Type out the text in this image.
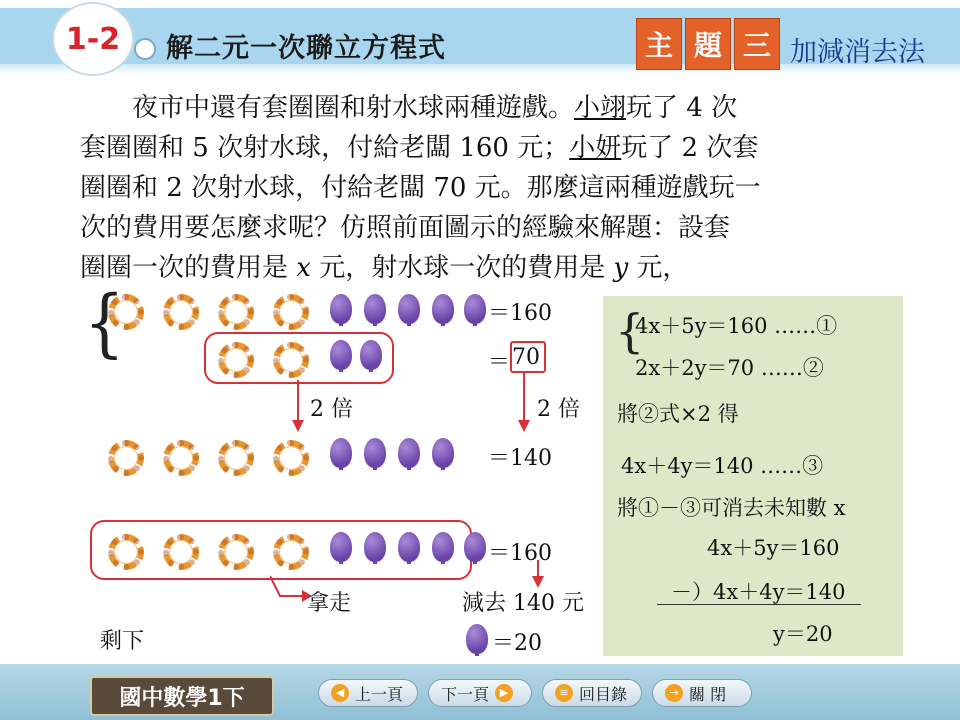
1-2	解二元一次聯立方程式	主 題 三 加減消去法

　　夜市中還有套圈圈和射水球兩種遊戲。小翊玩了 4 次

套圈圈和 5 次射水球，付給老闆 160 元；小妍玩了 2 次套

圈圈和 2 次射水球，付給老闆 70 元。那麼這兩種遊戲玩一

次的費用要怎麼求呢？仿照前面圖示的經驗來解題：設套

圈圈一次的費用是 x 元，射水球一次的費用是 y 元，

{	＝160
＝ 70
2 倍	2 倍
＝140
＝160
拿走	減去 140 元
剩下	＝20
{
4x＋5y＝160 ……①
2x＋2y＝70 ……②
將②式×2 得
4x＋4y＝140 ……③
將①－③可消去未知數 x
4x＋5y＝160
－）4x＋4y＝140
y＝20
國中數學1下	◀ 上一頁 下一頁 ▶	≡ 回目錄	→ 關 閉
